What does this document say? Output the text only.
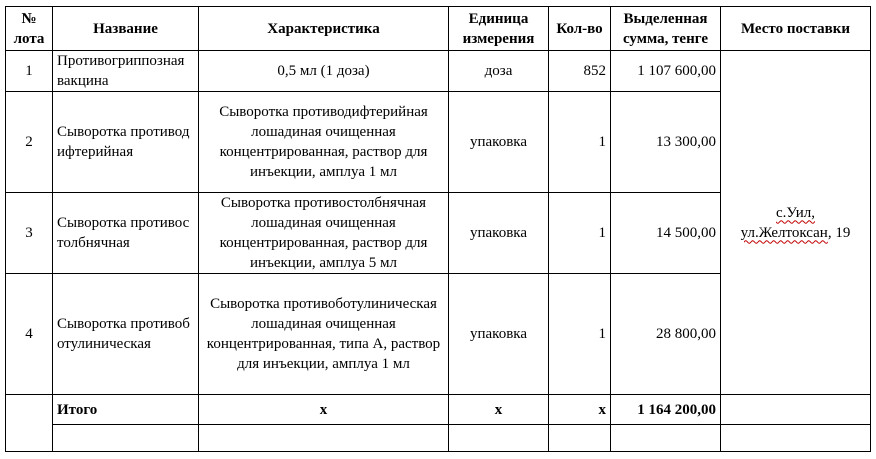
№ лота	Название	Характеристика	Единица измерения	Кол-во	Выделенная сумма, тенге	Место поставки
1	Противогриппозная вакцина	0,5 мл (1 доза)	доза	852	1 107 600,00	с.Уил,
ул.Желтоксан, 19
2	Сыворотка противодифтерийная	Сыворотка противодифтерийная лошадиная очищенная концентрированная, раствор для инъекции, амплуа 1 мл	упаковка	1	13 300,00	
3	Сыворотка противостолбнячная	Сыворотка противостолбнячная лошадиная очищенная концентрированная, раствор для инъекции, амплуа 5 мл	упаковка	1	14 500,00	
4	Сыворотка противоботулиническая	Сыворотка противоботулиническая лошадиная очищенная концентрированная, типа А, раствор для инъекции, амплуа 1 мл	упаковка	1	28 800,00	
	Итого	х	х	х	1 164 200,00	
